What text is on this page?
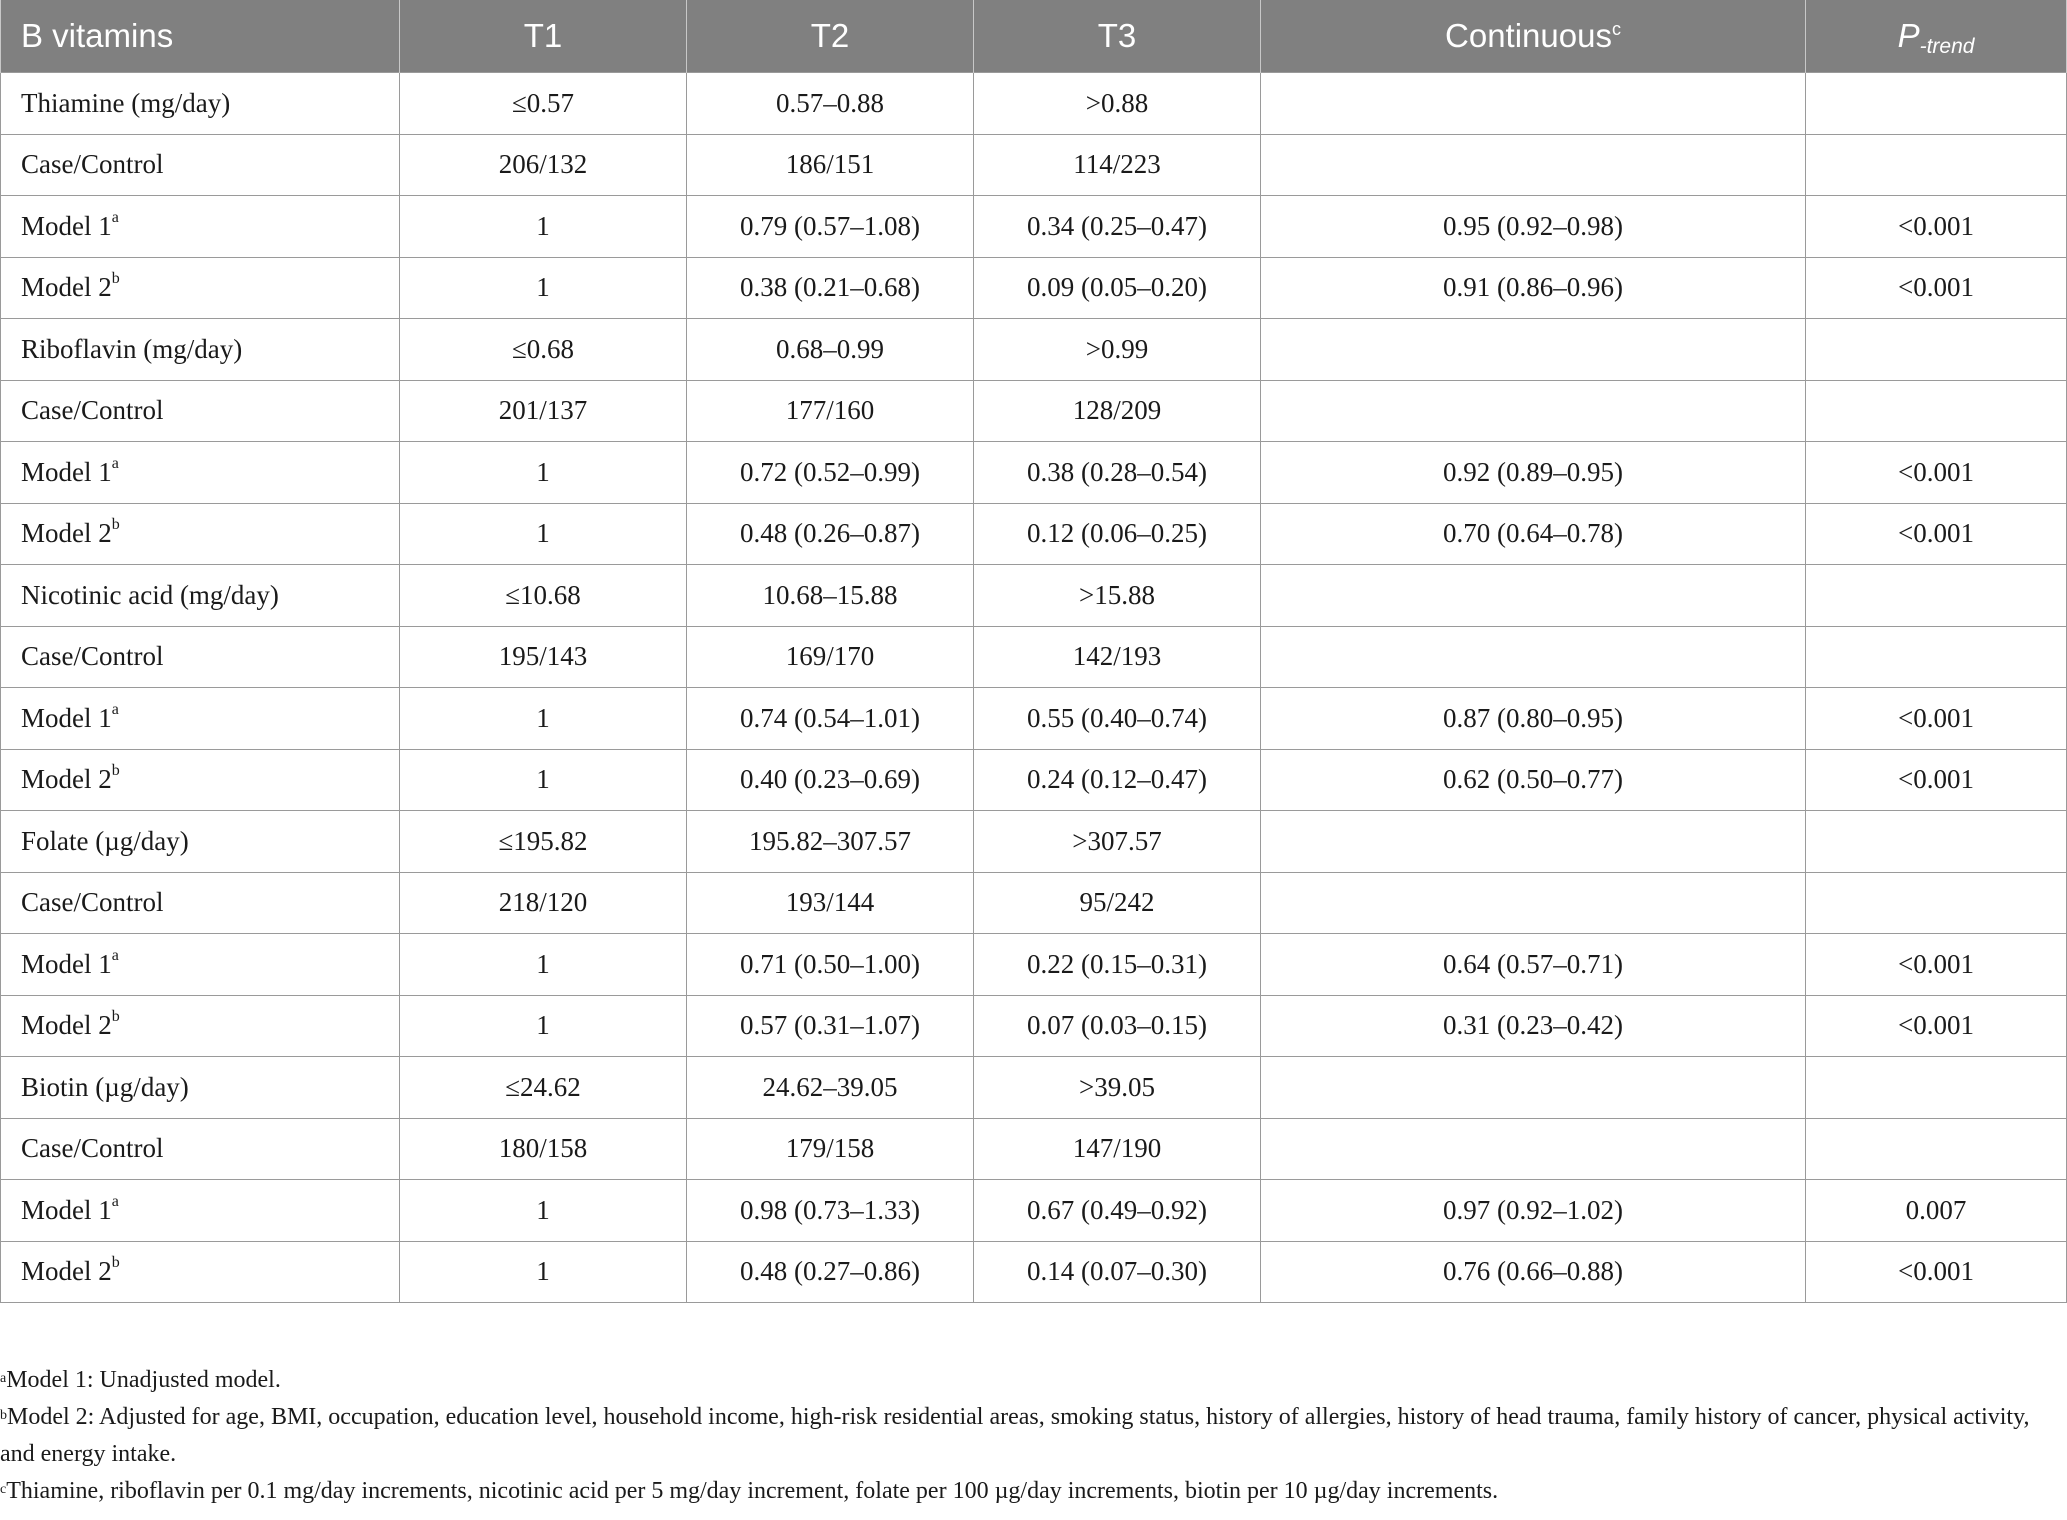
B vitamins	T1	T2	T3	Continuous$^c$	$P_{-trend}$
Thiamine (mg/day)	≤0.57	0.57–0.88	>0.88		
Case/Control	206/132	186/151	114/223		
Model 1$^a$	1	0.79 (0.57–1.08)	0.34 (0.25–0.47)	0.95 (0.92–0.98)	<0.001
Model 2$^b$	1	0.38 (0.21–0.68)	0.09 (0.05–0.20)	0.91 (0.86–0.96)	<0.001
Riboflavin (mg/day)	≤0.68	0.68–0.99	>0.99		
Case/Control	201/137	177/160	128/209		
Model 1$^a$	1	0.72 (0.52–0.99)	0.38 (0.28–0.54)	0.92 (0.89–0.95)	<0.001
Model 2$^b$	1	0.48 (0.26–0.87)	0.12 (0.06–0.25)	0.70 (0.64–0.78)	<0.001
Nicotinic acid (mg/day)	≤10.68	10.68–15.88	>15.88		
Case/Control	195/143	169/170	142/193		
Model 1$^a$	1	0.74 (0.54–1.01)	0.55 (0.40–0.74)	0.87 (0.80–0.95)	<0.001
Model 2$^b$	1	0.40 (0.23–0.69)	0.24 (0.12–0.47)	0.62 (0.50–0.77)	<0.001
Folate (µg/day)	≤195.82	195.82–307.57	>307.57		
Case/Control	218/120	193/144	95/242		
Model 1$^a$	1	0.71 (0.50–1.00)	0.22 (0.15–0.31)	0.64 (0.57–0.71)	<0.001
Model 2$^b$	1	0.57 (0.31–1.07)	0.07 (0.03–0.15)	0.31 (0.23–0.42)	<0.001
Biotin (µg/day)	≤24.62	24.62–39.05	>39.05		
Case/Control	180/158	179/158	147/190		
Model 1$^a$	1	0.98 (0.73–1.33)	0.67 (0.49–0.92)	0.97 (0.92–1.02)	0.007
Model 2$^b$	1	0.48 (0.27–0.86)	0.14 (0.07–0.30)	0.76 (0.66–0.88)	<0.001

$^a$Model 1: Unadjusted model.

$^b$Model 2: Adjusted for age, BMI, occupation, education level, household income, high-risk residential areas, smoking status, history of allergies, history of head trauma, family history of cancer, physical activity, and energy intake.

$^c$Thiamine, riboflavin per 0.1 mg/day increments, nicotinic acid per 5 mg/day increment, folate per 100 µg/day increments, biotin per 10 µg/day increments.
